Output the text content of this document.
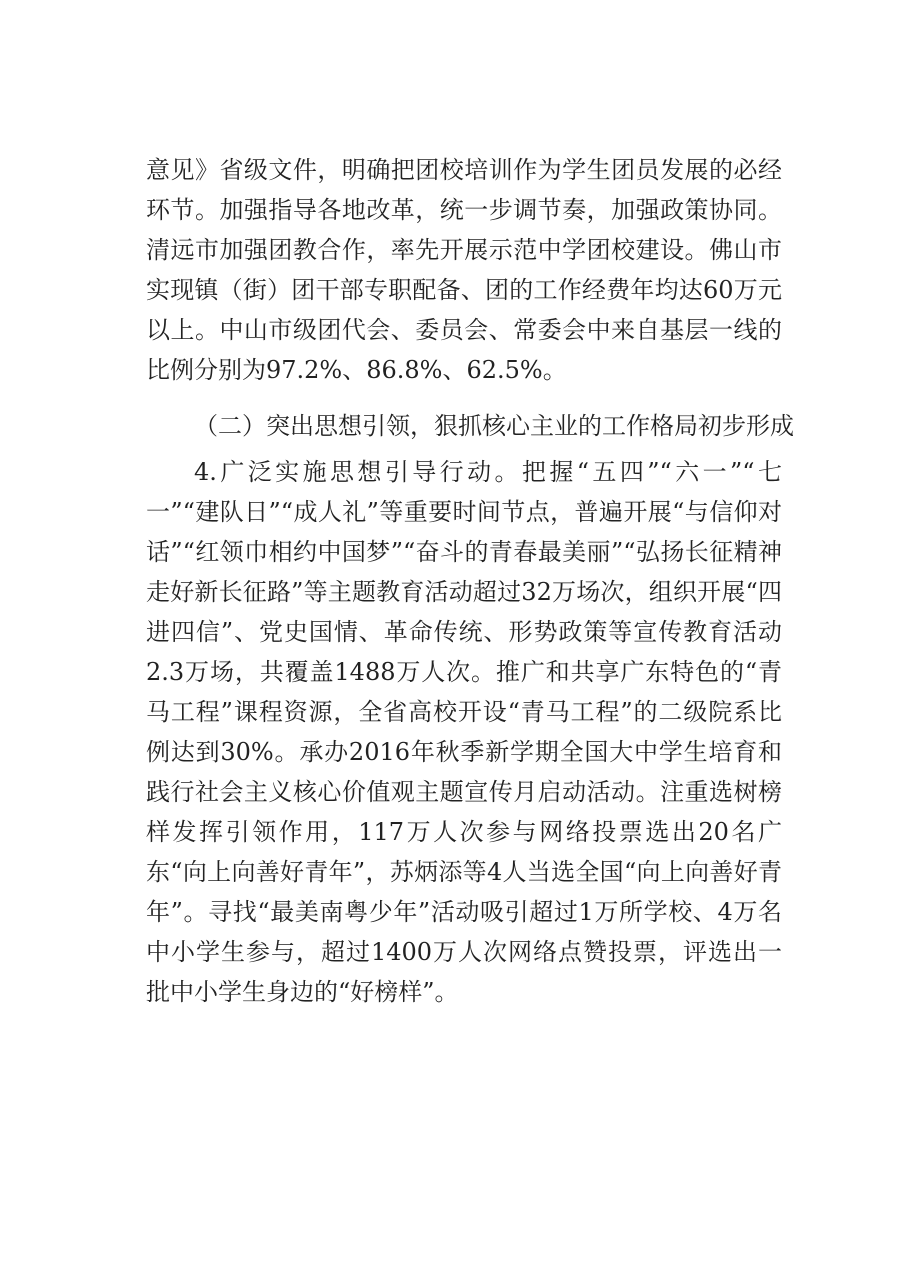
意见》省级文件，明确把团校培训作为学生团员发展的必经环节。加强指导各地改革，统一步调节奏，加强政策协同。清远市加强团教合作，率先开展示范中学团校建设。佛山市实现镇（街）团干部专职配备、团的工作经费年均达60万元以上。中山市级团代会、委员会、常委会中来自基层一线的比例分别为97.2%、86.8%、62.5%。

（二）突出思想引领，狠抓核心主业的工作格局初步形成

4.广泛实施思想引导行动。把握“五四”“六一”“七一”“建队日”“成人礼”等重要时间节点，普遍开展“与信仰对话”“红领巾相约中国梦”“奋斗的青春最美丽”“弘扬长征精神走好新长征路”等主题教育活动超过32万场次，组织开展“四进四信”、党史国情、革命传统、形势政策等宣传教育活动2.3万场，共覆盖1488万人次。推广和共享广东特色的“青马工程”课程资源，全省高校开设“青马工程”的二级院系比例达到30%。承办2016年秋季新学期全国大中学生培育和践行社会主义核心价值观主题宣传月启动活动。注重选树榜样发挥引领作用，117万人次参与网络投票选出20名广东“向上向善好青年”，苏炳添等4人当选全国“向上向善好青年”。寻找“最美南粤少年”活动吸引超过1万所学校、4万名中小学生参与，超过1400万人次网络点赞投票，评选出一批中小学生身边的“好榜样”。
